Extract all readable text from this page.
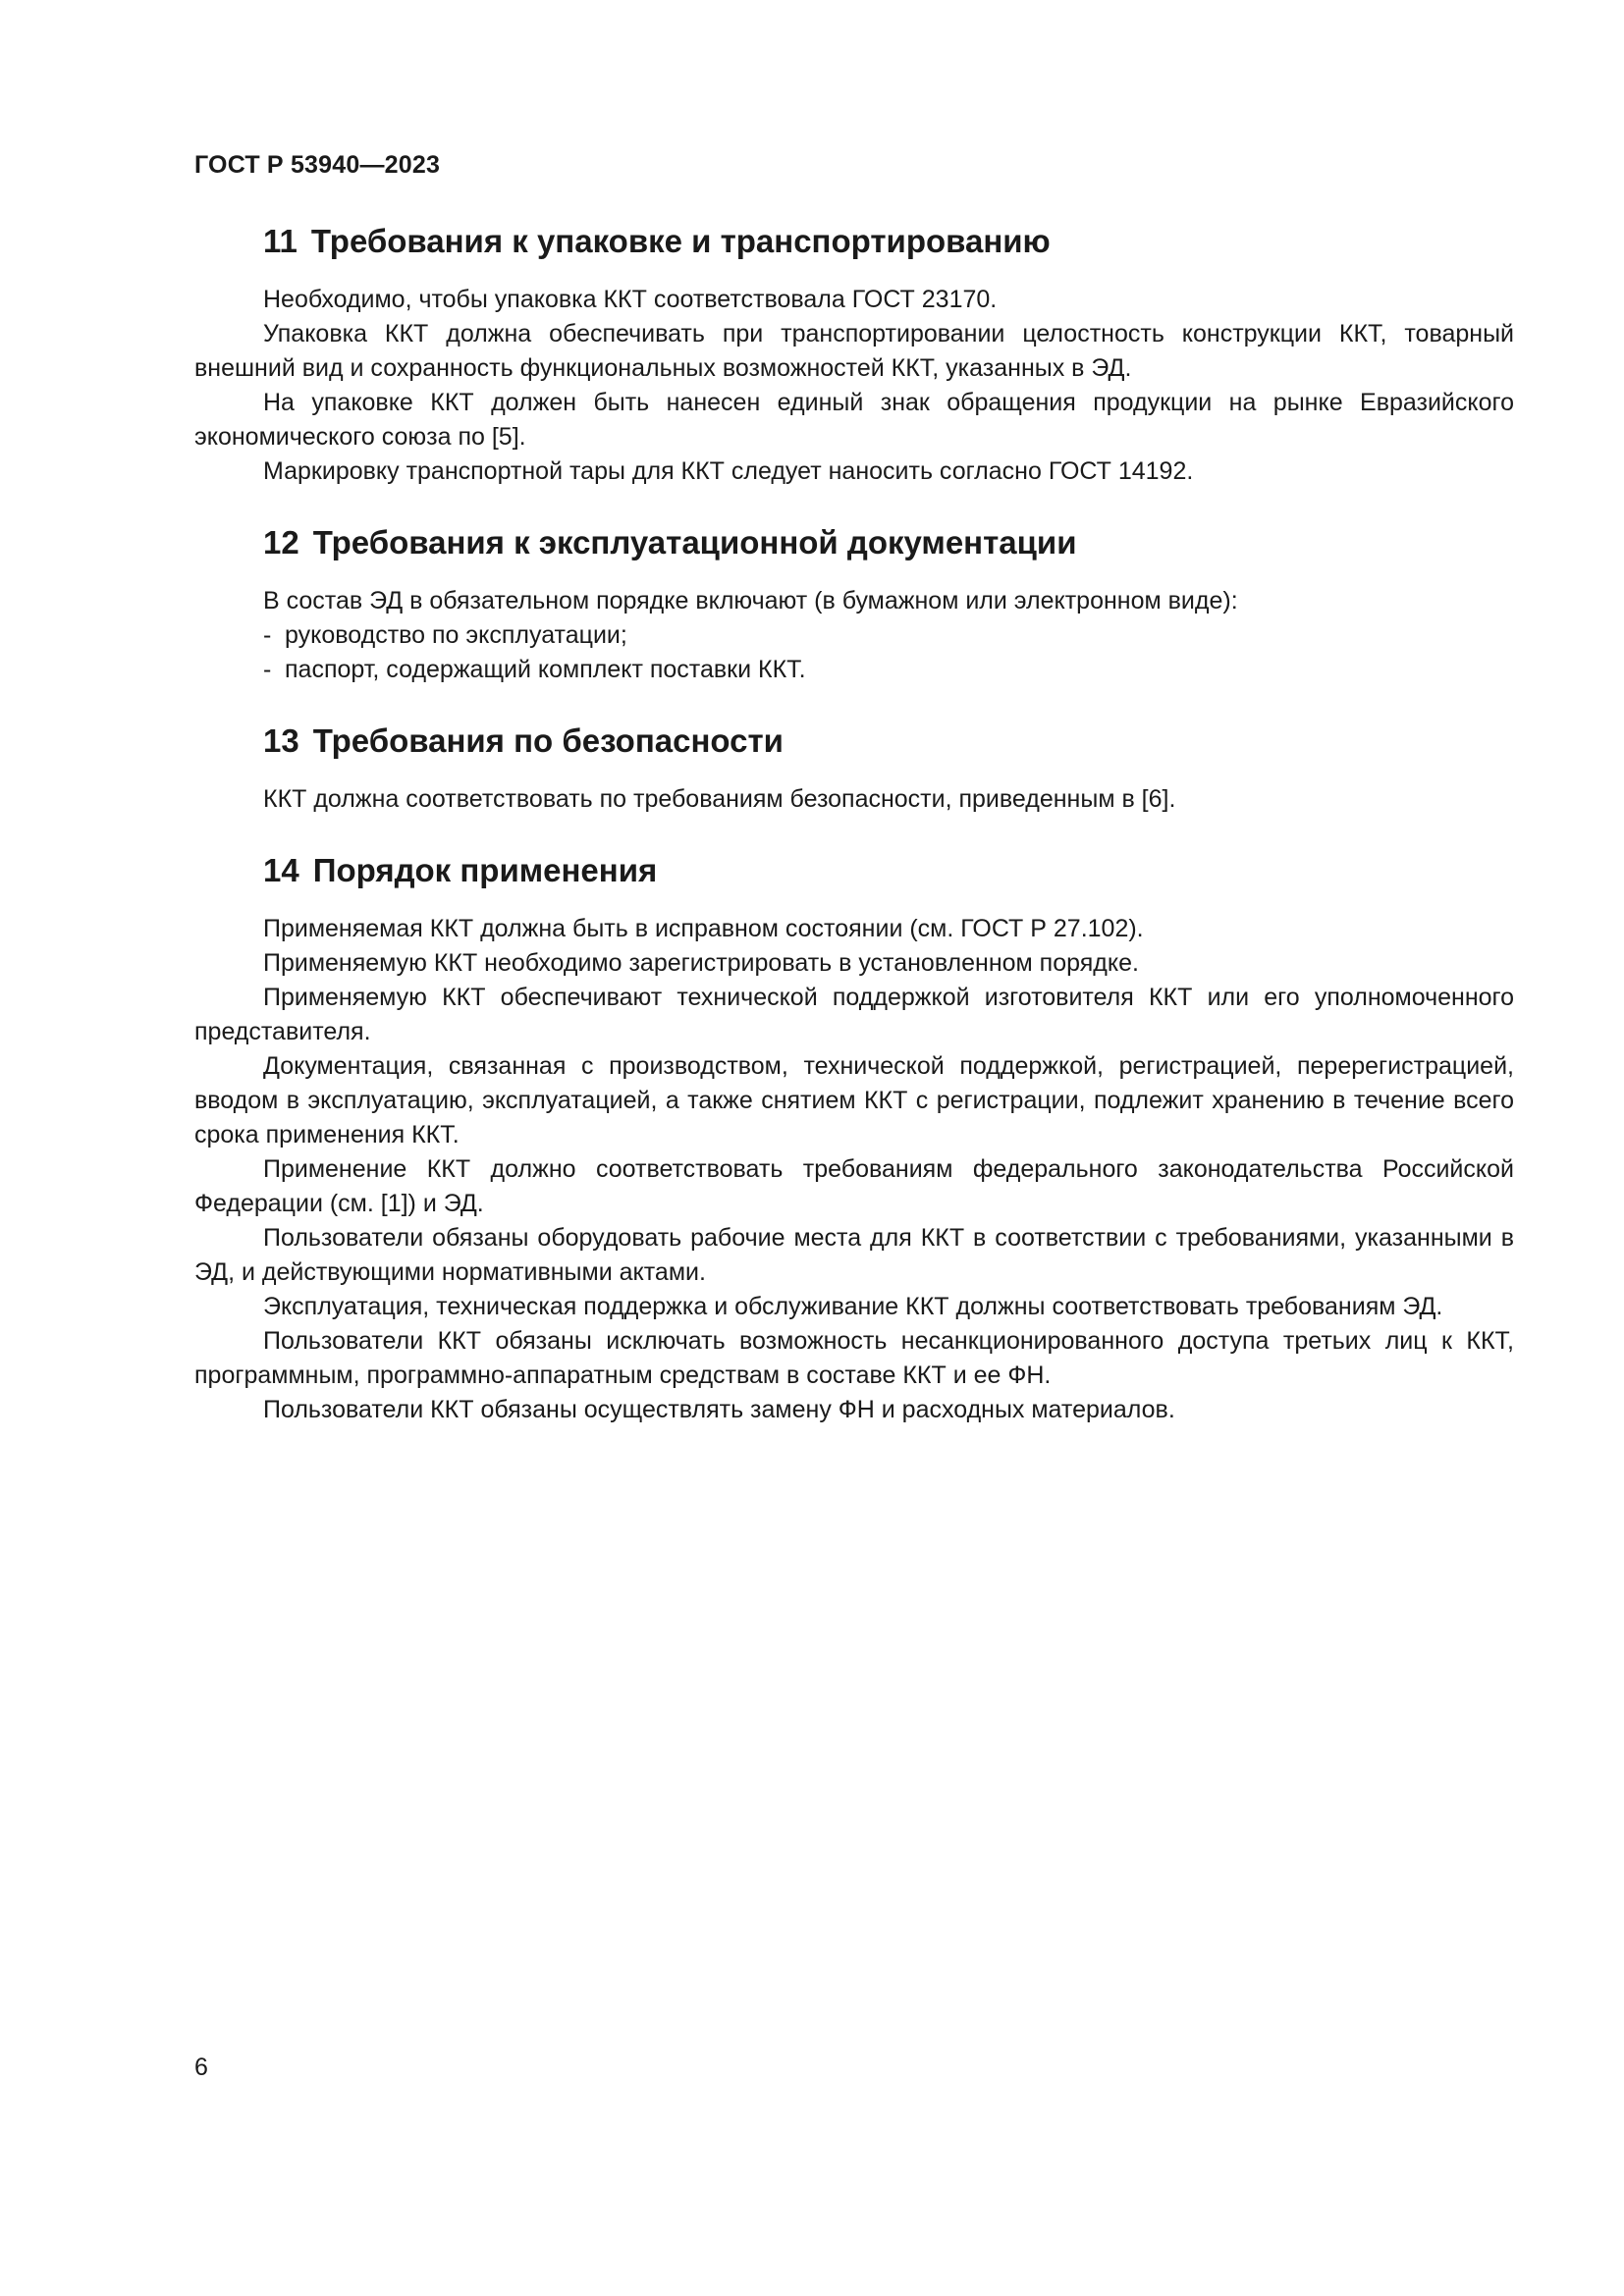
ГОСТ Р 53940—2023
11 Требования к упаковке и транспортированию

Необходимо, чтобы упаковка ККТ соответствовала ГОСТ 23170.

Упаковка ККТ должна обеспечивать при транспортировании целостность конструкции ККТ, товарный внешний вид и сохранность функциональных возможностей ККТ, указанных в ЭД.

На упаковке ККТ должен быть нанесен единый знак обращения продукции на рынке Евразийского экономического союза по [5].

Маркировку транспортной тары для ККТ следует наносить согласно ГОСТ 14192.

12 Требования к эксплуатационной документации

В состав ЭД в обязательном порядке включают (в бумажном или электронном виде):

- руководство по эксплуатации;
- паспорт, содержащий комплект поставки ККТ.
13 Требования по безопасности

ККТ должна соответствовать по требованиям безопасности, приведенным в [6].

14 Порядок применения

Применяемая ККТ должна быть в исправном состоянии (см. ГОСТ Р 27.102).

Применяемую ККТ необходимо зарегистрировать в установленном порядке.

Применяемую ККТ обеспечивают технической поддержкой изготовителя ККТ или его уполномоченного представителя.

Документация, связанная с производством, технической поддержкой, регистрацией, перерегистрацией, вводом в эксплуатацию, эксплуатацией, а также снятием ККТ с регистрации, подлежит хранению в течение всего срока применения ККТ.

Применение ККТ должно соответствовать требованиям федерального законодательства Российской Федерации (см. [1]) и ЭД.

Пользователи обязаны оборудовать рабочие места для ККТ в соответствии с требованиями, указанными в ЭД, и действующими нормативными актами.

Эксплуатация, техническая поддержка и обслуживание ККТ должны соответствовать требованиям ЭД.

Пользователи ККТ обязаны исключать возможность несанкционированного доступа третьих лиц к ККТ, программным, программно-аппаратным средствам в составе ККТ и ее ФН.

Пользователи ККТ обязаны осуществлять замену ФН и расходных материалов.

6
